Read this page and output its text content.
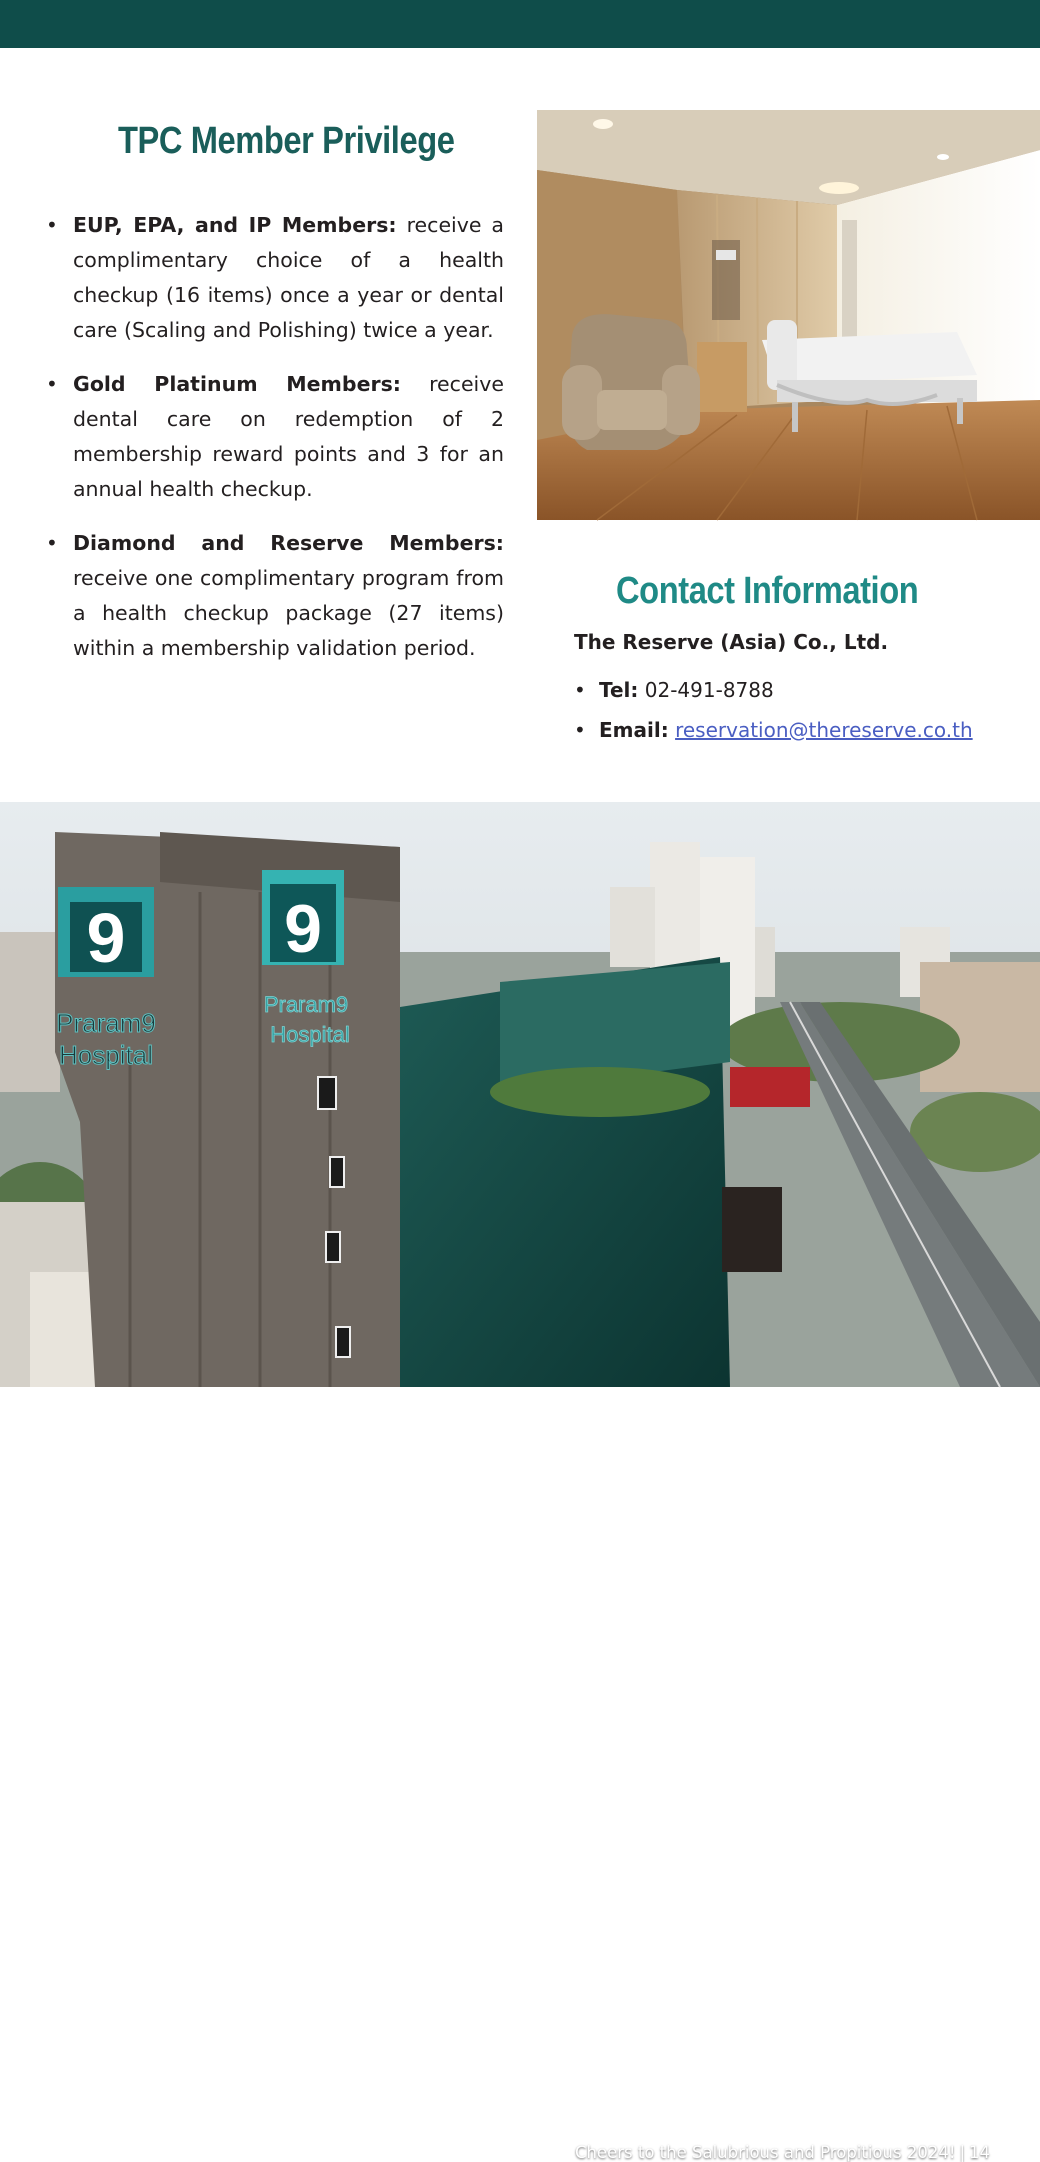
TPC Member Privilege
• EUP, EPA, and IP Members: receive a complimentary choice of a health checkup (16 items) once a year or dental care (Scaling and Polishing) twice a year.
• Gold Platinum Members: receive dental care on redemption of 2 membership reward points and 3 for an annual health checkup.
• Diamond and Reserve Members: receive one complimentary program from a health checkup package (27 items) within a membership validation period.
Contact Information
The Reserve (Asia) Co., Ltd.
• Tel: 02-491-8788
• Email: reservation@thereserve.co.th
9
Praram9
Hospital
9
Praram9
Hospital
Cheers to the Salubrious and Propitious 2024! | 14
